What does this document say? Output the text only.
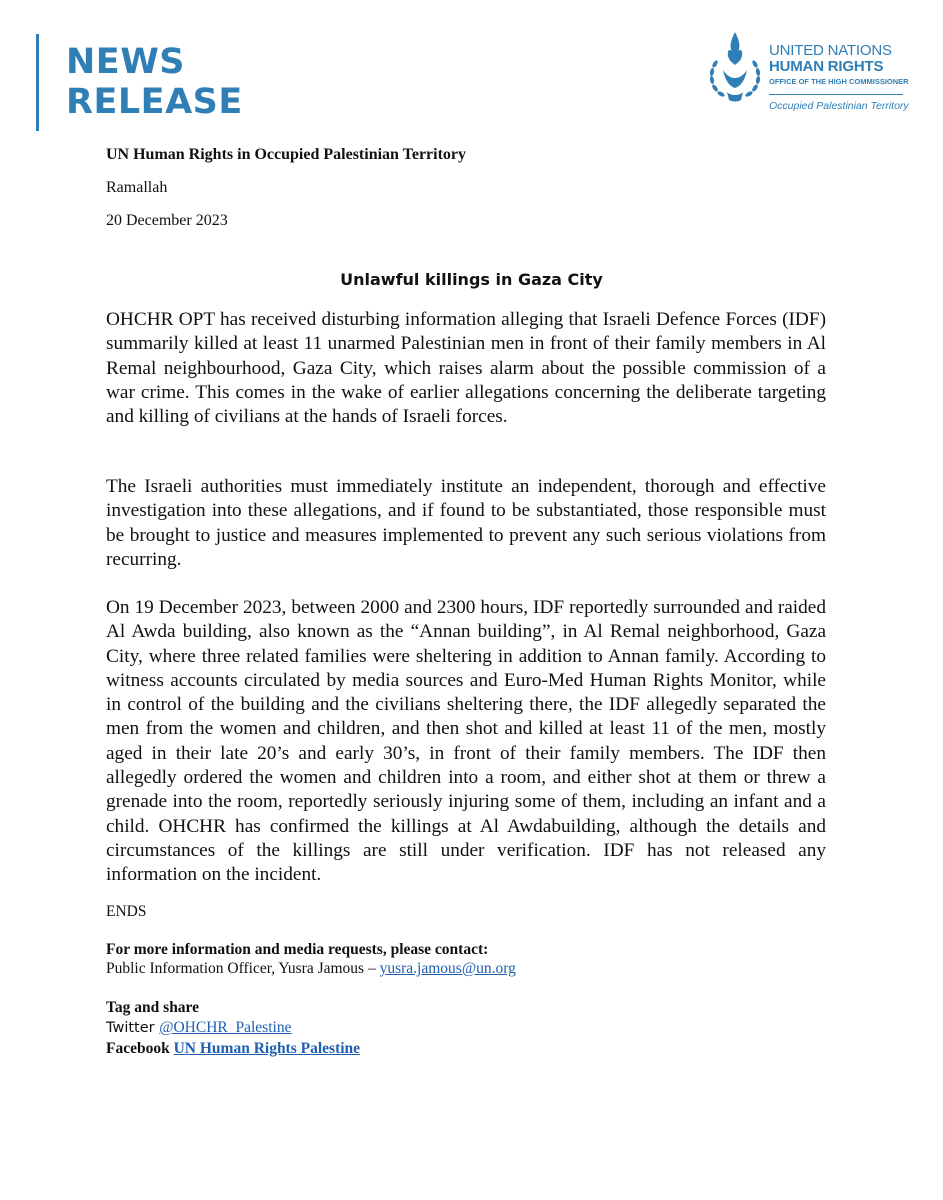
NEWS
RELEASE
UNITED NATIONS
HUMAN RIGHTS
OFFICE OF THE HIGH COMMISSIONER
Occupied Palestinian Territory
UN Human Rights in Occupied Palestinian Territory
Ramallah
20 December 2023
Unlawful killings in Gaza City
OHCHR OPT has received disturbing information alleging that Israeli Defence Forces (IDF) summarily killed at least 11 unarmed Palestinian men in front of their family members in Al Remal neighbourhood, Gaza City, which raises alarm about the possible commission of a war crime. This comes in the wake of earlier allegations concerning the deliberate targeting and killing of civilians at the hands of Israeli forces.
The Israeli authorities must immediately institute an independent, thorough and effective investigation into these allegations, and if found to be substantiated, those responsible must be brought to justice and measures implemented to prevent any such serious violations from recurring.
On 19 December 2023, between 2000 and 2300 hours, IDF reportedly surrounded and raided Al Awda building, also known as the “Annan building”, in Al Remal neighborhood, Gaza City, where three related families were sheltering in addition to Annan family. According to witness accounts circulated by media sources and Euro-Med Human Rights Monitor, while in control of the building and the civilians sheltering there, the IDF allegedly separated the men from the women and children, and then shot and killed at least 11 of the men, mostly aged in their late 20’s and early 30’s, in front of their family members. The IDF then allegedly ordered the women and children into a room, and either shot at them or threw a grenade into the room, reportedly seriously injuring some of them, including an infant and a child. OHCHR has confirmed the killings at Al Awdabuilding, although the details and circumstances of the killings are still under verification. IDF has not released any information on the incident.
ENDS
For more information and media requests, please contact:
Public Information Officer, Yusra Jamous – yusra.jamous@un.org
Tag and share
Twitter @OHCHR_Palestine
Facebook UN Human Rights Palestine
